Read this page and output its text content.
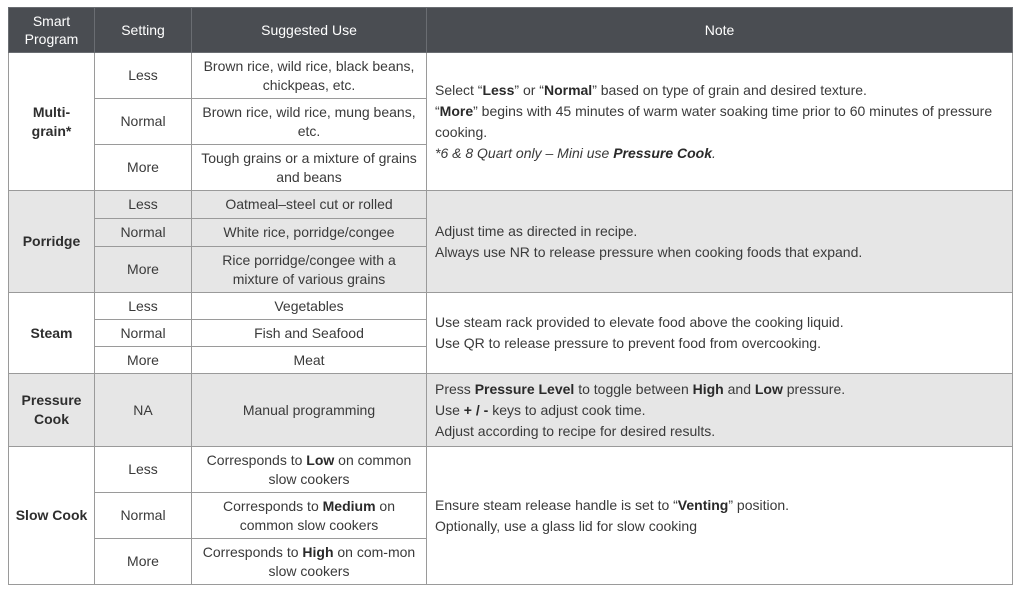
Smart Program	Setting	Suggested Use	Note
Multi-grain*	Less	Brown rice, wild rice, black beans, chickpeas, etc.	Select “Less” or “Normal” based on type of grain and desired texture.
“More” begins with 45 minutes of warm water soaking time prior to 60 minutes of pressure cooking.
*6 & 8 Quart only – Mini use Pressure Cook.

	Normal	Brown rice, wild rice, mung beans, etc.	
	More	Tough grains or a mixture of grains and beans	
Porridge	Less	Oatmeal–steel cut or rolled	Adjust time as directed in recipe.
Always use NR to release pressure when cooking foods that expand.

	Normal	White rice, porridge/congee	
	More	Rice porridge/congee with a mixture of various grains	
Steam	Less	Vegetables	Use steam rack provided to elevate food above the cooking liquid.
Use QR to release pressure to prevent food from overcooking.

	Normal	Fish and Seafood	
	More	Meat	
Pressure Cook	NA	Manual programming	Press Pressure Level to toggle between High and Low pressure.
Use + / - keys to adjust cook time.
Adjust according to recipe for desired results.

Slow Cook	Less	Corresponds to Low on common slow cookers	Ensure steam release handle is set to “Venting” position.
Optionally, use a glass lid for slow cooking

	Normal	Corresponds to Medium on common slow cookers	
	More	Corresponds to High on com-mon slow cookers	
